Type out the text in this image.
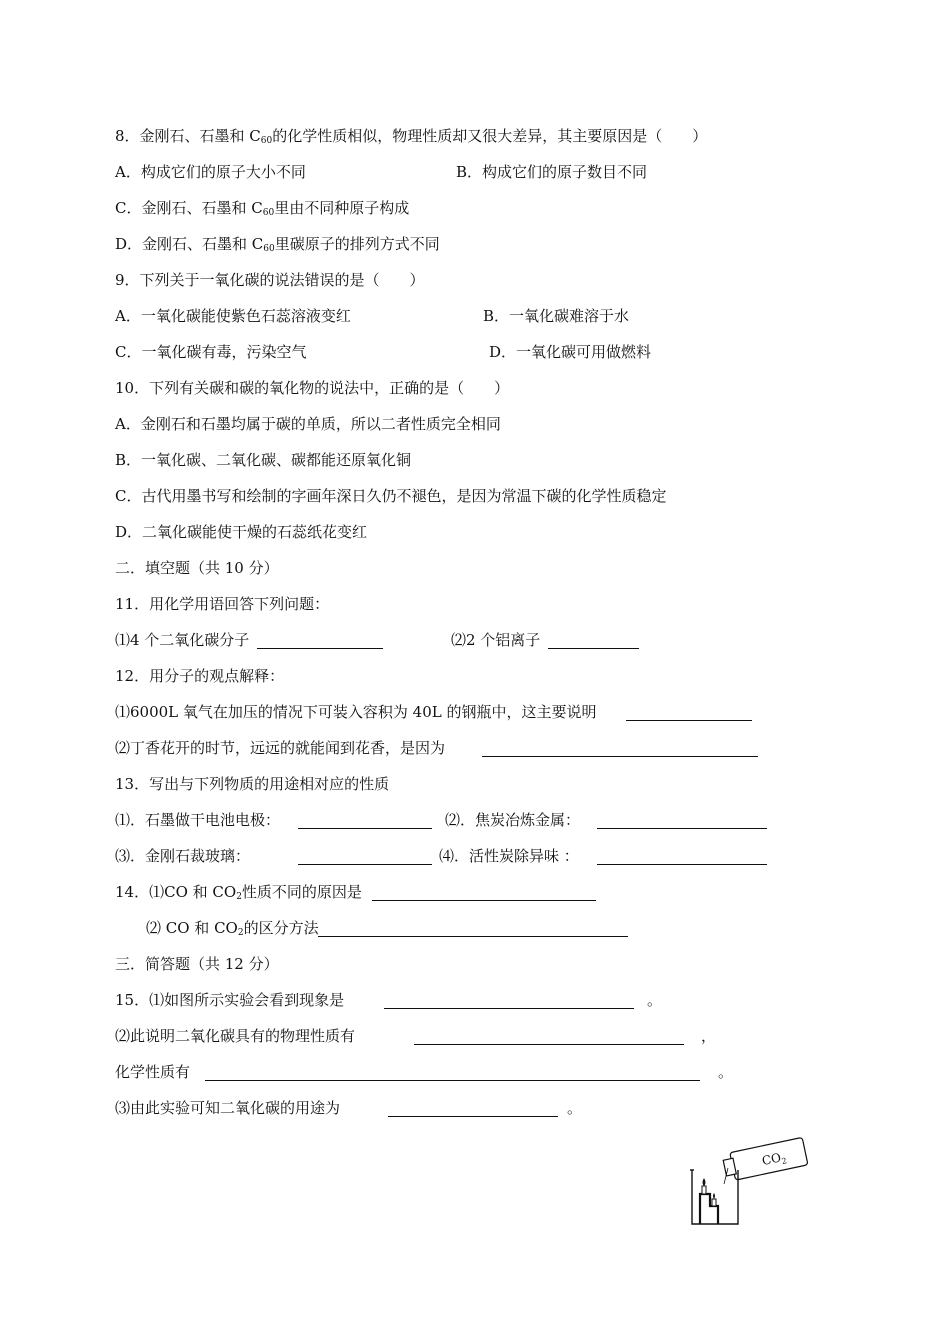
8．金刚石、石墨和 $C_{60}$的化学性质相似，物理性质却又很大差异，其主要原因是（　　）
A．构成它们的原子大小不同	B．构成它们的原子数目不同
C．金刚石、石墨和 $C_{60}$里由不同种原子构成
D．金刚石、石墨和 $C_{60}$里碳原子的排列方式不同
9．下列关于一氧化碳的说法错误的是（　　）
A．一氧化碳能使紫色石蕊溶液变红	B．一氧化碳难溶于水
C．一氧化碳有毒，污染空气	D．一氧化碳可用做燃料
10．下列有关碳和碳的氧化物的说法中，正确的是（　　）
A．金刚石和石墨均属于碳的单质，所以二者性质完全相同
B．一氧化碳、二氧化碳、碳都能还原氧化铜
C．古代用墨书写和绘制的字画年深日久仍不褪色，是因为常温下碳的化学性质稳定
D．二氧化碳能使干燥的石蕊纸花变红
二．填空题（共 10 分）
11．用化学用语回答下列问题：
⑴4 个二氧化碳分子	⑵2 个铝离子
12．用分子的观点解释：
⑴6000L 氧气在加压的情况下可装入容积为 40L 的钢瓶中，这主要说明
⑵丁香花开的时节，远远的就能闻到花香，是因为
13．写出与下列物质的用途相对应的性质
⑴．石墨做干电池电极：	⑵．焦炭冶炼金属：
⑶．金刚石裁玻璃：	⑷．活性炭除异味 ：
14．⑴CO 和 $CO_2$性质不同的原因是
⑵ CO 和 $CO_2$的区分方法
三．简答题（共 12 分）
15．⑴如图所示实验会看到现象是	。
⑵此说明二氧化碳具有的物理性质有	，
化学性质有	。
⑶由此实验可知二氧化碳的用途为	。
$CO_2$
